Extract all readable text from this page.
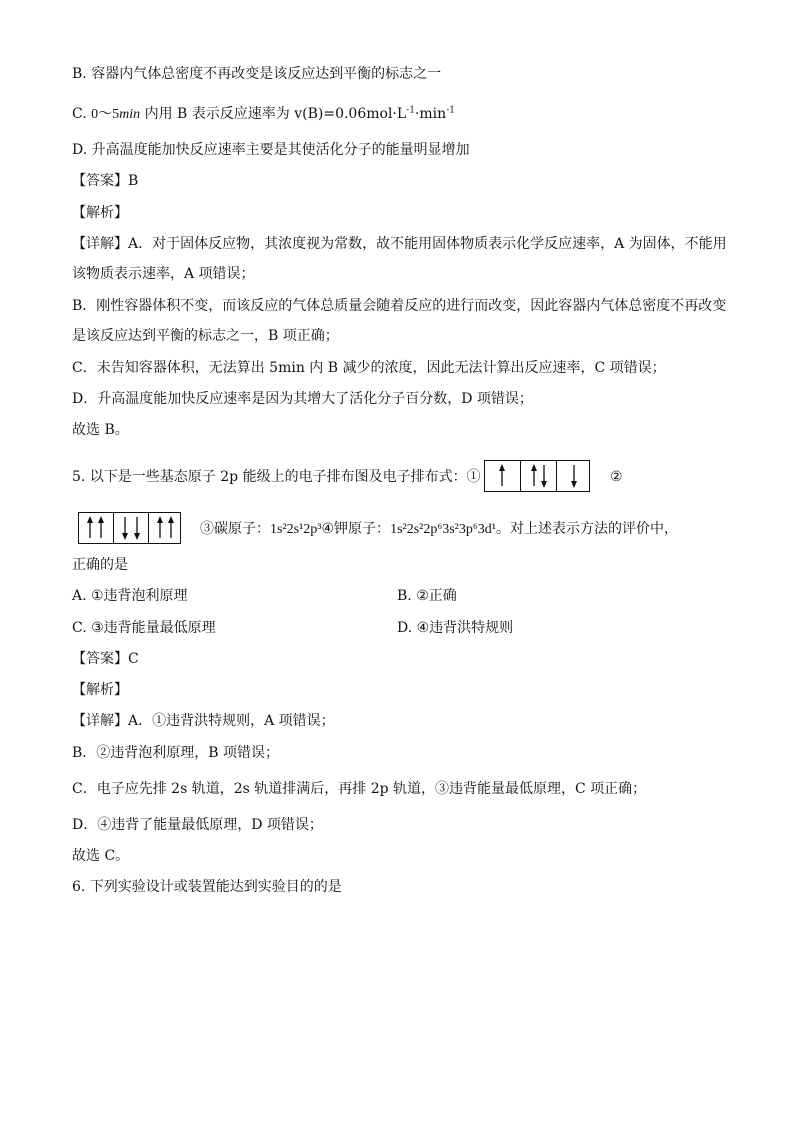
B. 容器内气体总密度不再改变是该反应达到平衡的标志之一
C. 0～5min 内用 B 表示反应速率为 $v(B)=0.06mol\cdot L^{-1}\cdot\min^{-1}$
D. 升高温度能加快反应速率主要是其使活化分子的能量明显增加
【答案】B
【解析】
【详解】A．对于固体反应物，其浓度视为常数，故不能用固体物质表示化学反应速率，A 为固体，不能用
该物质表示速率，A 项错误；
B．刚性容器体积不变，而该反应的气体总质量会随着反应的进行而改变，因此容器内气体总密度不再改变
是该反应达到平衡的标志之一，B 项正确；
C．未告知容器体积，无法算出 5min 内 B 减少的浓度，因此无法计算出反应速率，C 项错误；
D．升高温度能加快反应速率是因为其增大了活化分子百分数，D 项错误；
故选 B。
5. 以下是一些基态原子 2p 能级上的电子排布图及电子排布式：①	②
③碳原子：1s²2s¹2p³④钾原子：1s²2s²2p⁶3s²3p⁶3d¹。对上述表示方法的评价中，
正确的是
A. ①违背泡利原理	B. ②正确
C. ③违背能量最低原理	D. ④违背洪特规则
【答案】C
【解析】
【详解】A．①违背洪特规则，A 项错误；
B．②违背泡利原理，B 项错误；
C．电子应先排 2s 轨道，2s 轨道排满后，再排 2p 轨道，③违背能量最低原理，C 项正确；
D．④违背了能量最低原理，D 项错误；
故选 C。
6. 下列实验设计或装置能达到实验目的的是
